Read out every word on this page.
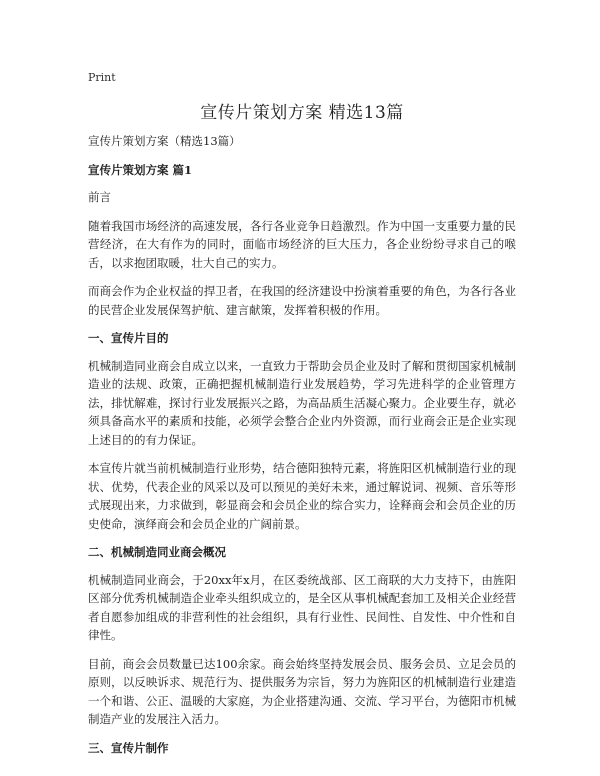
Print

宣传片策划方案 精选13篇

宣传片策划方案（精选13篇）

宣传片策划方案 篇1

前言

随着我国市场经济的高速发展，各行各业竞争日趋激烈。作为中国一支重要力量的民营经济，在大有作为的同时，面临市场经济的巨大压力，各企业纷纷寻求自己的喉舌，以求抱团取暖，壮大自己的实力。

而商会作为企业权益的捍卫者，在我国的经济建设中扮演着重要的角色，为各行各业的民营企业发展保驾护航、建言献策，发挥着积极的作用。

一、宣传片目的

机械制造同业商会自成立以来，一直致力于帮助会员企业及时了解和贯彻国家机械制造业的法规、政策，正确把握机械制造行业发展趋势，学习先进科学的企业管理方法，排忧解难，探讨行业发展振兴之路，为高品质生活凝心聚力。企业要生存，就必须具备高水平的素质和技能，必须学会整合企业内外资源，而行业商会正是企业实现上述目的的有力保证。

本宣传片就当前机械制造行业形势，结合德阳独特元素，将旌阳区机械制造行业的现状、优势，代表企业的风采以及可以预见的美好未来，通过解说词、视频、音乐等形式展现出来，力求做到，彰显商会和会员企业的综合实力，诠释商会和会员企业的历史使命，演绎商会和会员企业的广阔前景。

二、机械制造同业商会概况

机械制造同业商会，于20xx年x月，在区委统战部、区工商联的大力支持下，由旌阳区部分优秀机械制造企业牵头组织成立的，是全区从事机械配套加工及相关企业经营者自愿参加组成的非营利性的社会组织，具有行业性、民间性、自发性、中介性和自律性。

目前，商会会员数量已达100余家。商会始终坚持发展会员、服务会员、立足会员的原则，以反映诉求、规范行为、提供服务为宗旨，努力为旌阳区的机械制造行业建造一个和谐、公正、温暖的大家庭，为企业搭建沟通、交流、学习平台，为德阳市机械制造产业的发展注入活力。

三、宣传片制作
